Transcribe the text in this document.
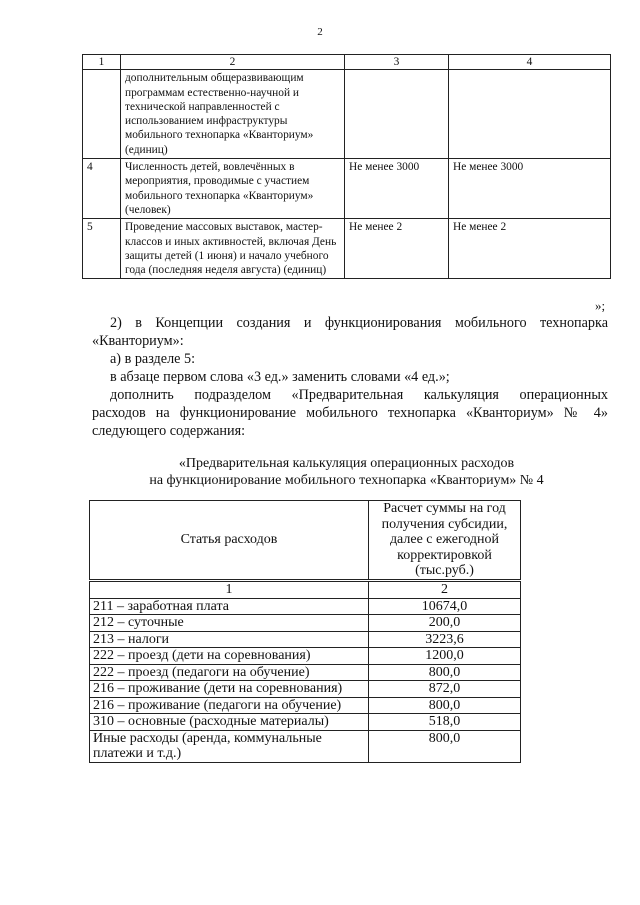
2
1	2	3	4
	дополнительным общеразвивающим программам естественно-научной и технической направленностей с использованием инфраструктуры мобильного технопарка «Кванториум» (единиц)		
4	Численность детей, вовлечённых в мероприятия, проводимые с участием мобильного технопарка «Кванториум» (человек)	Не менее 3000	Не менее 3000
5	Проведение массовых выставок, мастер-классов и иных активностей, включая День защиты детей (1 июня) и начало учебного года (последняя неделя августа) (единиц)	Не менее 2	Не менее 2
»;
2) в Концепции создания и функционирования мобильного технопарка
«Кванториум»:
а) в разделе 5:
в абзаце первом слова «3 ед.» заменить словами «4 ед.»;
дополнить подразделом «Предварительная калькуляция операционных
расходов на функционирование мобильного технопарка «Кванториум» № 4»
следующего содержания:
«Предварительная калькуляция операционных расходов
на функционирование мобильного технопарка «Кванториум» № 4
Статья расходов	Расчет суммы на год получения субсидии, далее с ежегодной корректировкой (тыс.руб.)
1	2
211 – заработная плата	10674,0
212 – суточные	200,0
213 – налоги	3223,6
222 – проезд (дети на соревнования)	1200,0
222 – проезд (педагоги на обучение)	800,0
216 – проживание (дети на соревнования)	872,0
216 – проживание (педагоги на обучение)	800,0
310 – основные (расходные материалы)	518,0
Иные расходы (аренда, коммунальные платежи и т.д.)	800,0
